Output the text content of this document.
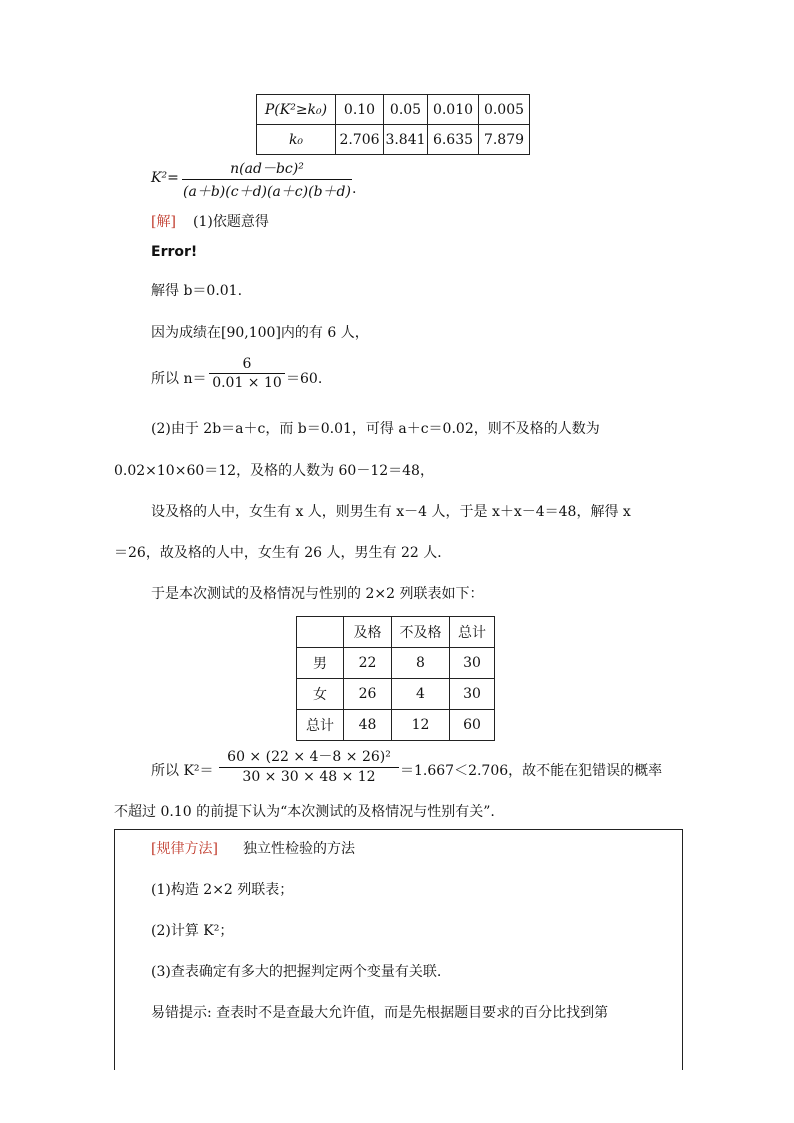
P(K²≥k₀)	0.10	0.05	0.010	0.005
k₀	2.706	3.841	6.635	7.879
K²=
n(ad－bc)²
(a＋b)(c＋d)(a＋c)(b＋d) .
[解] (1)依题意得
Error!
解得 b＝0.01.
因为成绩在[90,100]内的有 6 人，
所以 n＝
6
0.01 × 10 ＝60.
(2)由于 2b＝a＋c，而 b＝0.01，可得 a＋c＝0.02，则不及格的人数为
0.02×10×60＝12，及格的人数为 60－12＝48，
设及格的人中，女生有 x 人，则男生有 x－4 人，于是 x＋x－4＝48，解得 x
＝26，故及格的人中，女生有 26 人，男生有 22 人．
于是本次测试的及格情况与性别的 2×2 列联表如下：
	及格	不及格	总计
男	22	8	30
女	26	4	30
总计	48	12	60
所以 K²＝
60 × (22 × 4－8 × 26)²
30 × 30 × 48 × 12	＝1.667＜2.706，故不能在犯错误的概率
不超过 0.10 的前提下认为“本次测试的及格情况与性别有关”.
[规律方法] 独立性检验的方法
(1)构造 2×2 列联表；
(2)计算 K²；
(3)查表确定有多大的把握判定两个变量有关联.
易错提示: 查表时不是查最大允许值，而是先根据题目要求的百分比找到第
